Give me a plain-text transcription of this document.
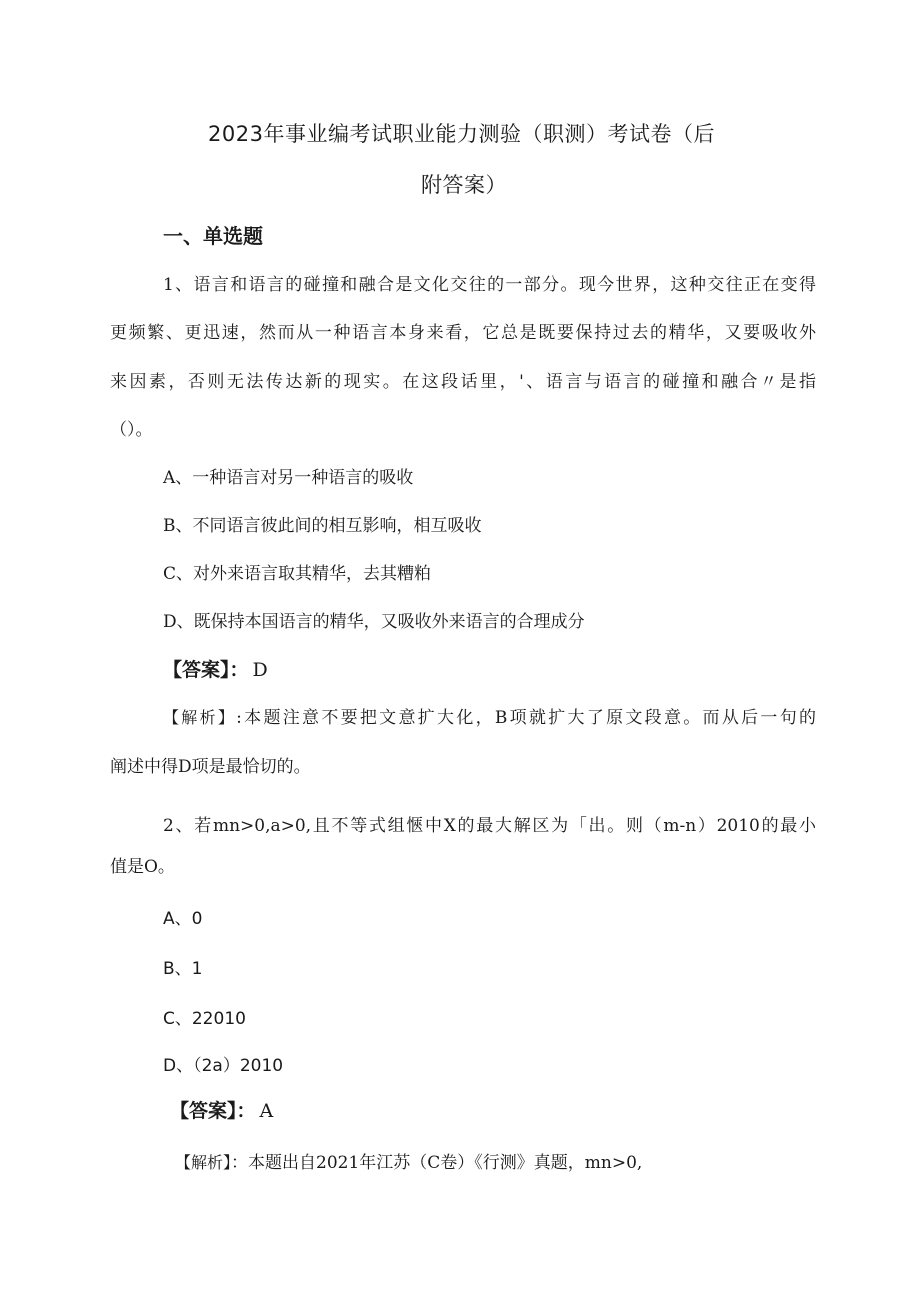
2023年事业编考试职业能力测验（职测）考试卷（后
附答案）
一、单选题
1、语言和语言的碰撞和融合是文化交往的一部分。现今世界，这种交往正在变得
更频繁、更迅速，然而从一种语言本身来看，它总是既要保持过去的精华，又要吸收外
来因素，否则无法传达新的现实。在这段话里，'、语言与语言的碰撞和融合〃是指
（）。
A、一种语言对另一种语言的吸收
B、不同语言彼此间的相互影响，相互吸收
C、对外来语言取其精华，去其糟粕
D、既保持本国语言的精华，又吸收外来语言的合理成分
【答案】： D
【解析】:本题注意不要把文意扩大化，B项就扩大了原文段意。而从后一句的
阐述中得D项是最恰切的。
2、若mn>0,a>0,且不等式组愜中X的最大解区为「出。则（m-n）2010的最小
值是O。
A、0
B、1
C、22010
D、（2a）2010
【答案】： A
【解析】：本题出自2021年江苏（C卷）《行测》真题，mn>0,
